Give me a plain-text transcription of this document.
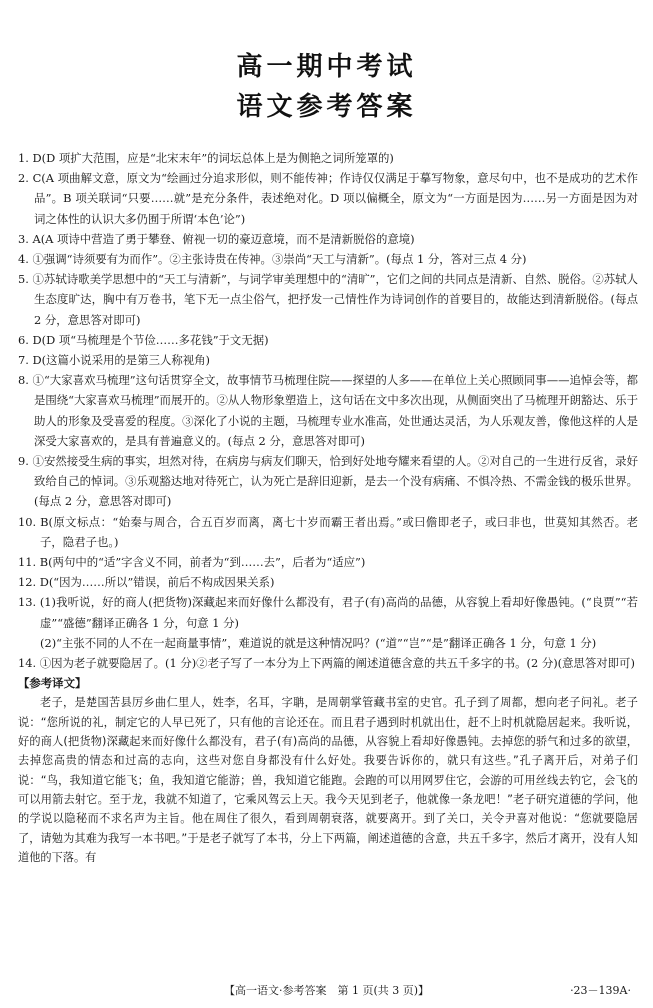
高一期中考试
语文参考答案

1. D(D 项扩大范围，应是“北宋末年”的词坛总体上是为侧艳之词所笼罩的)

2. C(A 项曲解文意，原文为“绘画过分追求形似，则不能传神；作诗仅仅满足于摹写物象，意尽句中，也不是成功的艺术作品”。B 项关联词“只要……就”是充分条件，表述绝对化。D 项以偏概全，原文为“一方面是因为……另一方面是因为对词之体性的认识大多仍囿于所谓‘本色’论”)

3. A(A 项诗中营造了勇于攀登、俯视一切的豪迈意境，而不是清新脱俗的意境)

4. ①强调“诗须要有为而作”。②主张诗贵在传神。③崇尚“天工与清新”。(每点 1 分，答对三点 4 分)

5. ①苏轼诗歌美学思想中的“天工与清新”，与词学审美理想中的“清旷”，它们之间的共同点是清新、自然、脱俗。②苏轼人生态度旷达，胸中有万卷书，笔下无一点尘俗气，把抒发一己情性作为诗词创作的首要目的，故能达到清新脱俗。(每点 2 分，意思答对即可)

6. D(D 项“马梳理是个节俭……多花钱”于文无据)

7. D(这篇小说采用的是第三人称视角)

8. ①“大家喜欢马梳理”这句话贯穿全文，故事情节马梳理住院——探望的人多——在单位上关心照顾同事——追悼会等，都是围绕“大家喜欢马梳理”而展开的。②从人物形象塑造上，这句话在文中多次出现，从侧面突出了马梳理开朗豁达、乐于助人的形象及受喜爱的程度。③深化了小说的主题，马梳理专业水准高，处世通达灵活，为人乐观友善，像他这样的人是深受大家喜欢的，是具有普遍意义的。(每点 2 分，意思答对即可)

9. ①安然接受生病的事实，坦然对待，在病房与病友们聊天，恰到好处地夸耀来看望的人。②对自己的一生进行反省，录好致给自己的悼词。③乐观豁达地对待死亡，认为死亡是辞旧迎新，是去一个没有病痛、不惧冷热、不需金钱的极乐世界。(每点 2 分，意思答对即可)

10. B(原文标点：“始秦与周合，合五百岁而离，离七十岁而霸王者出焉。”或曰儋即老子，或曰非也，世莫知其然否。老子，隐君子也。)

11. B(两句中的“适”字含义不同，前者为“到……去”，后者为“适应”)

12. D(“因为……所以”错误，前后不构成因果关系)

13. (1)我听说，好的商人(把货物)深藏起来而好像什么都没有，君子(有)高尚的品德，从容貌上看却好像愚钝。(“良贾”“若虚”“盛德”翻译正确各 1 分，句意 1 分)
(2)“主张不同的人不在一起商量事情”，难道说的就是这种情况吗？(“道”“岂”“是”翻译正确各 1 分，句意 1 分)

14. ①因为老子就要隐居了。(1 分)②老子写了一本分为上下两篇的阐述道德含意的共五千多字的书。(2 分)(意思答对即可)

【参考译文】

老子，是楚国苦县厉乡曲仁里人，姓李，名耳，字聃，是周朝掌管藏书室的史官。孔子到了周都，想向老子问礼。老子说：“您所说的礼，制定它的人早已死了，只有他的言论还在。而且君子遇到时机就出仕，赶不上时机就隐居起来。我听说，好的商人(把货物)深藏起来而好像什么都没有，君子(有)高尚的品德，从容貌上看却好像愚钝。去掉您的骄气和过多的欲望，去掉您高贵的情态和过高的志向，这些对您自身都没有什么好处。我要告诉你的，就只有这些。”孔子离开后，对弟子们说：“鸟，我知道它能飞；鱼，我知道它能游；兽，我知道它能跑。会跑的可以用网罗住它，会游的可用丝线去钓它，会飞的可以用箭去射它。至于龙，我就不知道了，它乘风驾云上天。我今天见到老子，他就像一条龙吧！”老子研究道德的学问，他的学说以隐秘而不求名声为主旨。他在周住了很久，看到周朝衰落，就要离开。到了关口，关令尹喜对他说：“您就要隐居了，请勉为其难为我写一本书吧。”于是老子就写了本书，分上下两篇，阐述道德的含意，共五千多字，然后才离开，没有人知道他的下落。有

【高一语文·参考答案　第 1 页(共 3 页)】	·23－139A·
